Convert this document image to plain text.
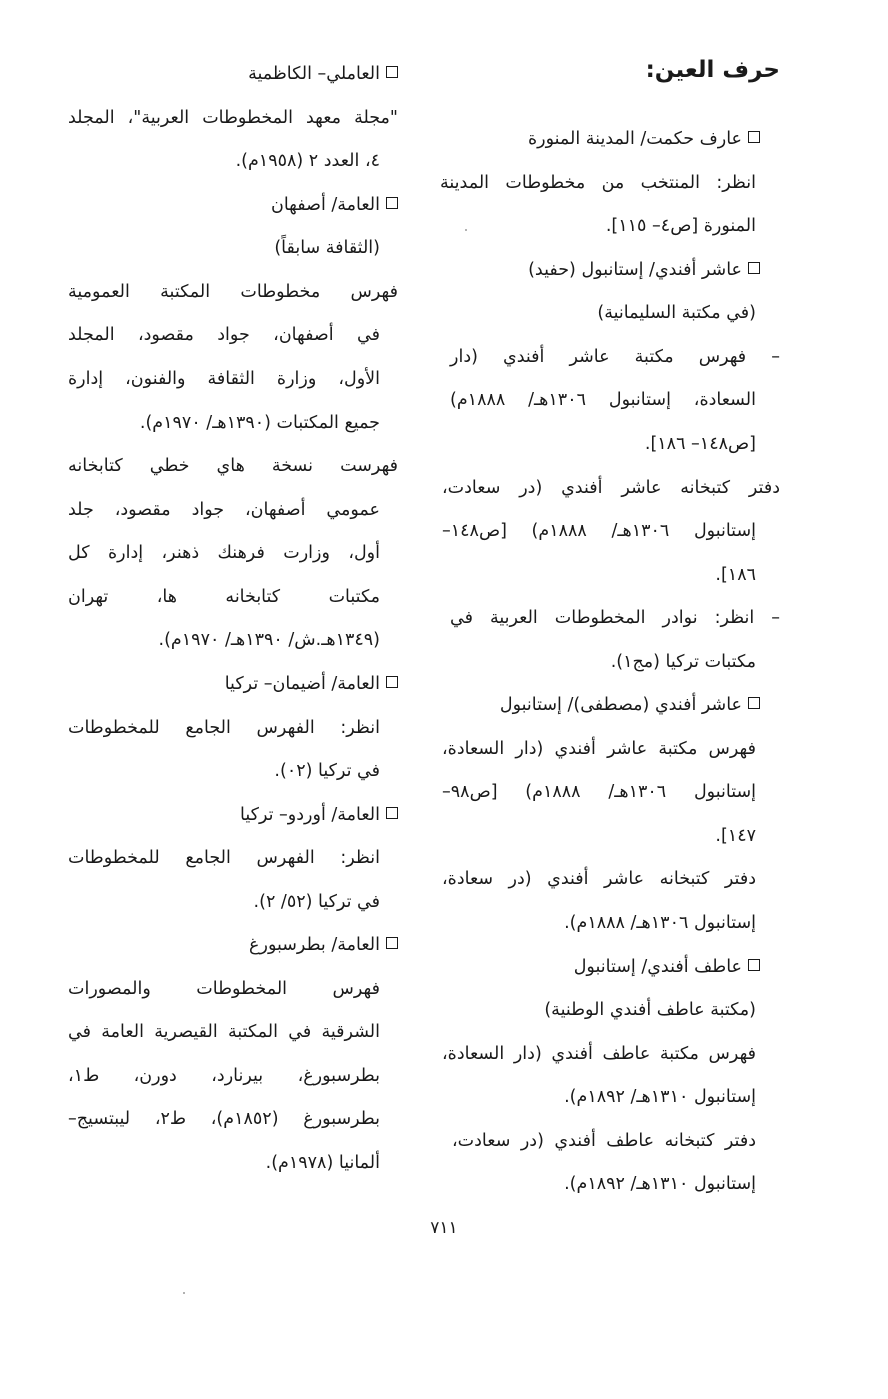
حرف العين:
عارف حكمت/ المدينة المنورة
انظر: المنتخب من مخطوطات المدينة
المنورة [ص٤– ١١٥].
عاشر أفندي/ إستانبول (حفيد)
(في مكتبة السليمانية)
– فهرس مكتبة عاشر أفندي (دار
السعادة، إستانبول ١٣٠٦هـ/ ١٨٨٨م)
[ص١٤٨– ١٨٦].
دفتر كتبخانه عاشر أفندي (در سعادت،
إستانبول ١٣٠٦هـ/ ١٨٨٨م) [ص١٤٨–
١٨٦].
– انظر: نوادر المخطوطات العربية في
مكتبات تركيا (مج١).
عاشر أفندي (مصطفى)/ إستانبول
فهرس مكتبة عاشر أفندي (دار السعادة،
إستانبول ١٣٠٦هـ/ ١٨٨٨م) [ص٩٨–
١٤٧].
دفتر كتبخانه عاشر أفندي (در سعادة،
إستانبول ١٣٠٦هـ/ ١٨٨٨م).
عاطف أفندي/ إستانبول
(مكتبة عاطف أفندي الوطنية)
فهرس مكتبة عاطف أفندي (دار السعادة،
إستانبول ١٣١٠هـ/ ١٨٩٢م).
دفتر كتبخانه عاطف أفندي (در سعادت،
إستانبول ١٣١٠هـ/ ١٨٩٢م).
العاملي– الكاظمية
"مجلة معهد المخطوطات العربية"، المجلد
٤، العدد ٢ (١٩٥٨م).
العامة/ أصفهان
(الثقافة سابقاً)
فهرس مخطوطات المكتبة العمومية
في أصفهان، جواد مقصود، المجلد
الأول، وزارة الثقافة والفنون، إدارة
جميع المكتبات (١٣٩٠هـ/ ١٩٧٠م).
فهرست نسخة هاي خطي كتابخانه
عمومي أصفهان، جواد مقصود، جلد
أول، وزارت فرهنك ذهنر، إدارة كل
مكتبات كتابخانه ها، تهران
(١٣٤٩هـ.ش/ ١٣٩٠هـ/ ١٩٧٠م).
العامة/ أضيمان– تركيا
انظر: الفهرس الجامع للمخطوطات
في تركيا (٠٢).
العامة/ أوردو– تركيا
انظر: الفهرس الجامع للمخطوطات
في تركيا (٥٢/ ٢).
العامة/ بطرسبورغ
فهرس المخطوطات والمصورات
الشرقية في المكتبة القيصرية العامة في
بطرسبورغ، بيرنارد، دورن، ط١،
بطرسبورغ (١٨٥٢م)، ط٢، ليبتسيج–
ألمانيا (١٩٧٨م).
٧١١
